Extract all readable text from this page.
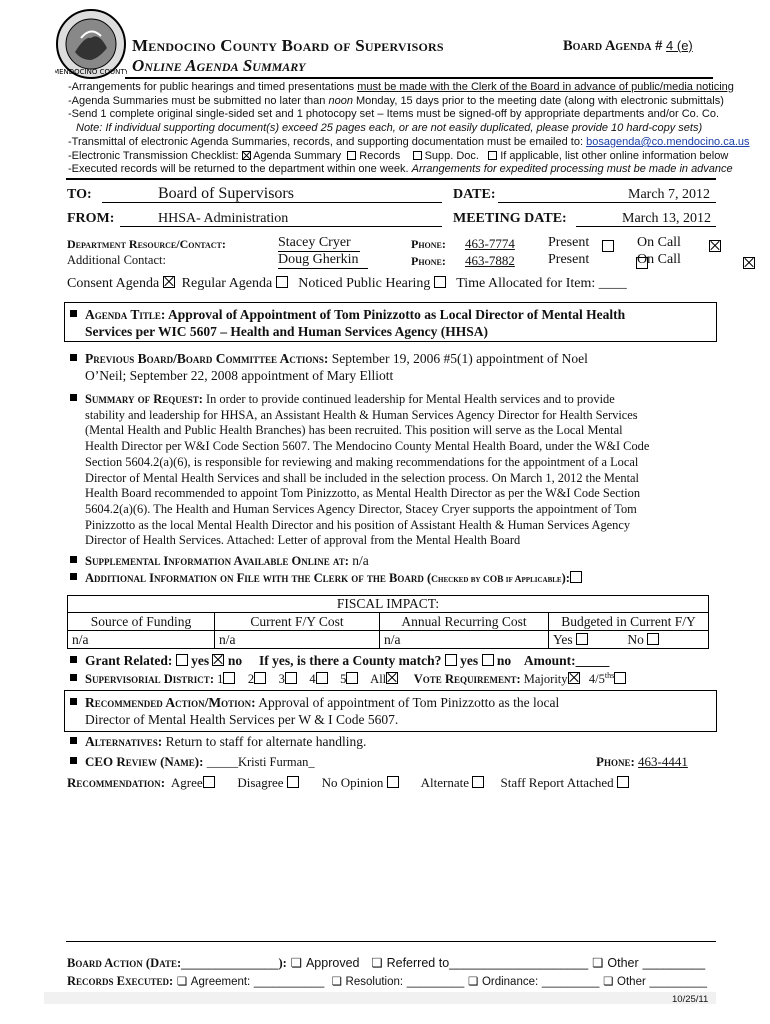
MENDOCINO COUNTY
Mendocino County Board of Supervisors
Online Agenda Summary
Board Agenda # 4 (e)
-Arrangements for public hearings and timed presentations must be made with the Clerk of the Board in advance of public/media noticing
-Agenda Summaries must be submitted no later than noon Monday, 15 days prior to the meeting date (along with electronic submittals)
-Send 1 complete original single-sided set and 1 photocopy set – Items must be signed-off by appropriate departments and/or Co. Co.
Note: If individual supporting document(s) exceed 25 pages each, or are not easily duplicated, please provide 10 hard-copy sets)
-Transmittal of electronic Agenda Summaries, records, and supporting documentation must be emailed to: bosagenda@co.mendocino.ca.us
-Electronic Transmission Checklist:  Agenda Summary Records Supp. Doc. If applicable, list other online information below
-Executed records will be returned to the department within one week. Arrangements for expedited processing must be made in advance
TO:	Board of Supervisors	DATE:	March 7, 2012
FROM:	HHSA- Administration	MEETING DATE:	March 13, 2012
Department Resource/Contact:	Stacey Cryer	Phone: 463-7774 Present
	On Call

Additional Contact:	Doug Gherkin	Phone: 463-7882 Present
	On Call
Consent Agenda Regular Agenda Noticed Public Hearing Time Allocated for Item: ____
Agenda Title: Approval of Appointment of Tom Pinizzotto as Local Director of Mental Health
Services per WIC 5607 – Health and Human Services Agency (HHSA)
Previous Board/Board Committee Actions: September 19, 2006 #5(1) appointment of Noel
O’Neil; September 22, 2008 appointment of Mary Elliott
Summary of Request: In order to provide continued leadership for Mental Health services and to provide
stability and leadership for HHSA, an Assistant Health & Human Services Agency Director for Health Services
(Mental Health and Public Health Branches) has been recruited. This position will serve as the Local Mental
Health Director per W&I Code Section 5607. The Mendocino County Mental Health Board, under the W&I Code
Section 5604.2(a)(6), is responsible for reviewing and making recommendations for the appointment of a Local
Director of Mental Health Services and shall be included in the selection process. On March 1, 2012 the Mental
Health Board recommended to appoint Tom Pinizzotto, as Mental Health Director as per the W&I Code Section
5604.2(a)(6). The Health and Human Services Agency Director, Stacey Cryer supports the appointment of Tom
Pinizzotto as the local Mental Health Director and his position of Assistant Health & Human Services Agency
Director of Health Services. Attached: Letter of approval from the Mental Health Board
Supplemental Information Available Online at: n/a
Additional Information on File with the Clerk of the Board (Checked by COB if Applicable):
FISCAL IMPACT:
Source of Funding	Current F/Y Cost	Annual Recurring Cost	Budgeted in Current F/Y
n/a	n/a	n/a	Yes No
Grant Related: yes no If yes, is there a County match? yes no Amount:_____
Supervisorial District: 1 2 3 4 5 All Vote Requirement: Majority $4/5^{ths}$
Recommended Action/Motion: Approval of appointment of Tom Pinizzotto as the local
Director of Mental Health Services per W & I Code 5607.
Alternatives: Return to staff for alternate handling.
CEO Review (Name): _____Kristi Furman_	Phone: 463-4441
Recommendation: Agree	Disagree	No Opinion	Alternate Staff Report Attached
Board Action (Date:______________): ❏ Approved ❏ Referred to____________________ ❏ Other _________
Records Executed: ❏ Agreement: ___________ ❏ Resolution: _________ ❏ Ordinance: _________ ❏ Other _________
10/25/11
